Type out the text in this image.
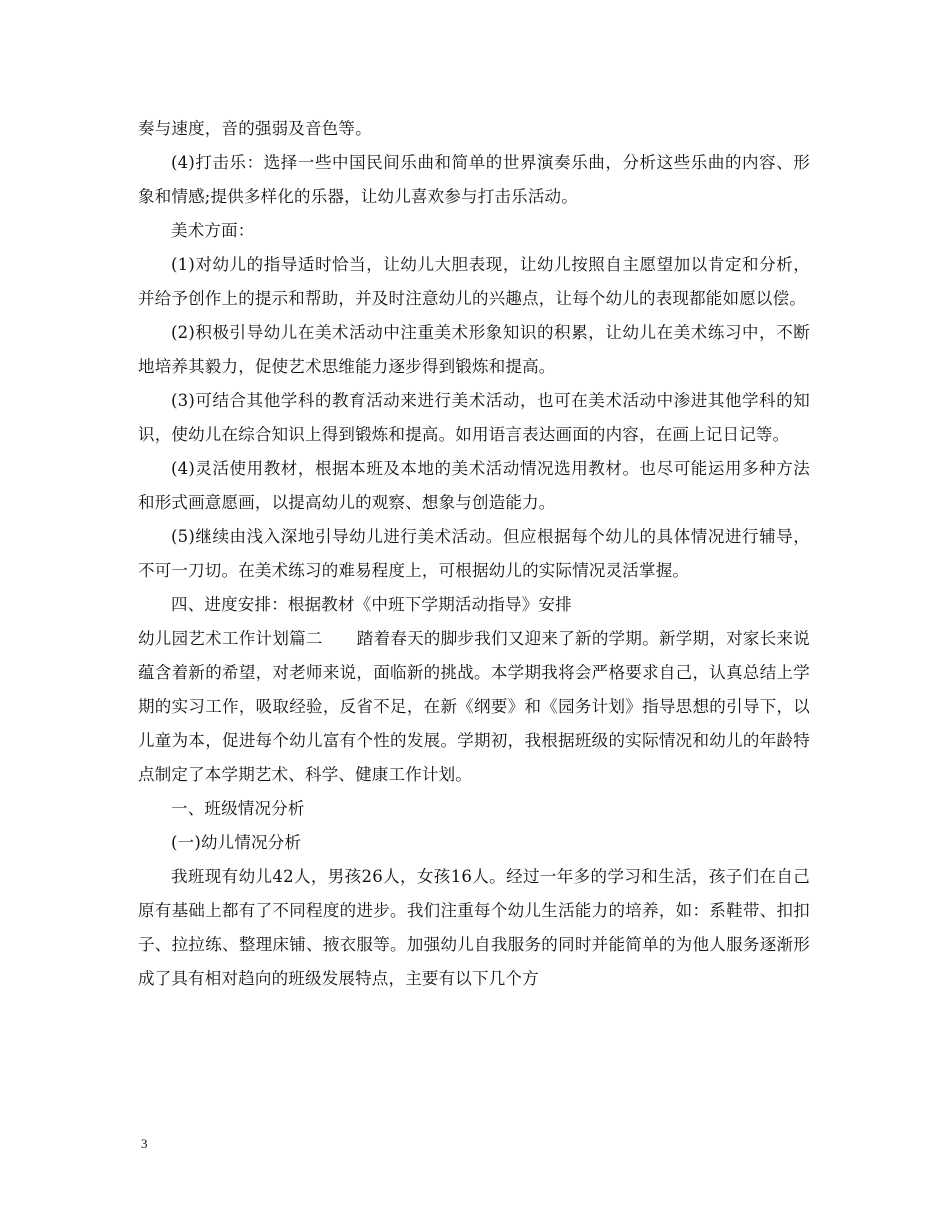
奏与速度，音的强弱及音色等。

(4)打击乐：选择一些中国民间乐曲和简单的世界演奏乐曲，分析这些乐曲的内容、形象和情感;提供多样化的乐器，让幼儿喜欢参与打击乐活动。

美术方面：

(1)对幼儿的指导适时恰当，让幼儿大胆表现，让幼儿按照自主愿望加以肯定和分析，并给予创作上的提示和帮助，并及时注意幼儿的兴趣点，让每个幼儿的表现都能如愿以偿。

(2)积极引导幼儿在美术活动中注重美术形象知识的积累，让幼儿在美术练习中，不断地培养其毅力，促使艺术思维能力逐步得到锻炼和提高。

(3)可结合其他学科的教育活动来进行美术活动，也可在美术活动中渗进其他学科的知识，使幼儿在综合知识上得到锻炼和提高。如用语言表达画面的内容，在画上记日记等。

(4)灵活使用教材，根据本班及本地的美术活动情况选用教材。也尽可能运用多种方法和形式画意愿画，以提高幼儿的观察、想象与创造能力。

(5)继续由浅入深地引导幼儿进行美术活动。但应根据每个幼儿的具体情况进行辅导，不可一刀切。在美术练习的难易程度上，可根据幼儿的实际情况灵活掌握。

四、进度安排：根据教材《中班下学期活动指导》安排

幼儿园艺术工作计划篇二 踏着春天的脚步我们又迎来了新的学期。新学期，对家长来说蕴含着新的希望，对老师来说，面临新的挑战。本学期我将会严格要求自己，认真总结上学期的实习工作，吸取经验，反省不足，在新《纲要》和《园务计划》指导思想的引导下，以儿童为本，促进每个幼儿富有个性的发展。学期初，我根据班级的实际情况和幼儿的年龄特点制定了本学期艺术、科学、健康工作计划。

一、班级情况分析

(一)幼儿情况分析

我班现有幼儿42人，男孩26人，女孩16人。经过一年多的学习和生活，孩子们在自己原有基础上都有了不同程度的进步。我们注重每个幼儿生活能力的培养，如：系鞋带、扣扣子、拉拉练、整理床铺、掖衣服等。加强幼儿自我服务的同时并能简单的为他人服务逐渐形成了具有相对趋向的班级发展特点，主要有以下几个方

3
